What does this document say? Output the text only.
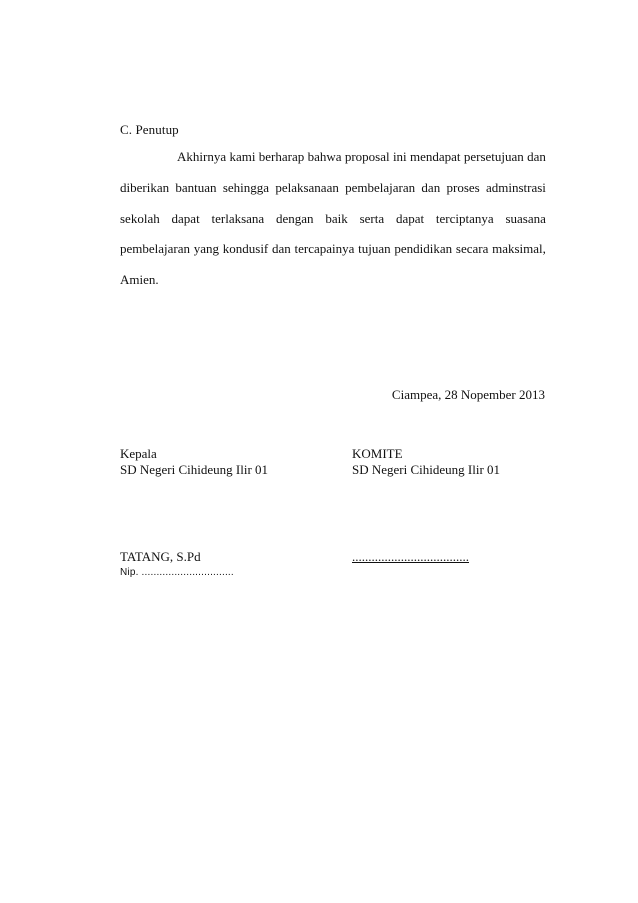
C. Penutup
Akhirnya kami berharap bahwa proposal ini mendapat persetujuan dan
diberikan bantuan sehingga pelaksanaan pembelajaran dan proses adminstrasi
sekolah dapat terlaksana dengan baik serta dapat terciptanya suasana
pembelajaran yang kondusif dan tercapainya tujuan pendidikan secara maksimal,
Amien.
Ciampea, 28 Nopember 2013
Kepala
SD Negeri Cihideung Ilir 01
KOMITE
SD Negeri Cihideung Ilir 01
TATANG, S.Pd	....................................
Nip. ...............................
